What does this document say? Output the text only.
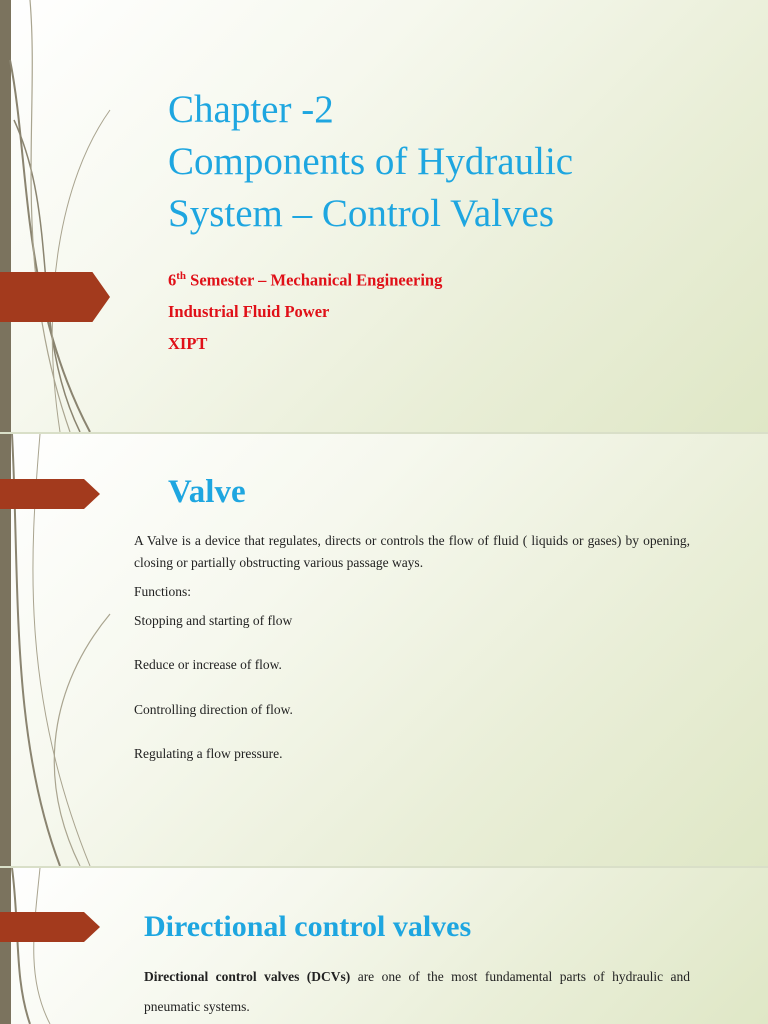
Chapter -2
Components of Hydraulic
System – Control Valves
6th Semester – Mechanical Engineering
Industrial Fluid Power
XIPT
Valve
A Valve is a device that regulates, directs or controls the flow of fluid ( liquids or gases) by opening, closing or partially obstructing various passage ways.
Functions:
Stopping and starting of flow
Reduce or increase of flow.
Controlling direction of flow.
Regulating a flow pressure.
Directional control valves
Directional control valves (DCVs) are one of the most fundamental parts of hydraulic and pneumatic systems.
